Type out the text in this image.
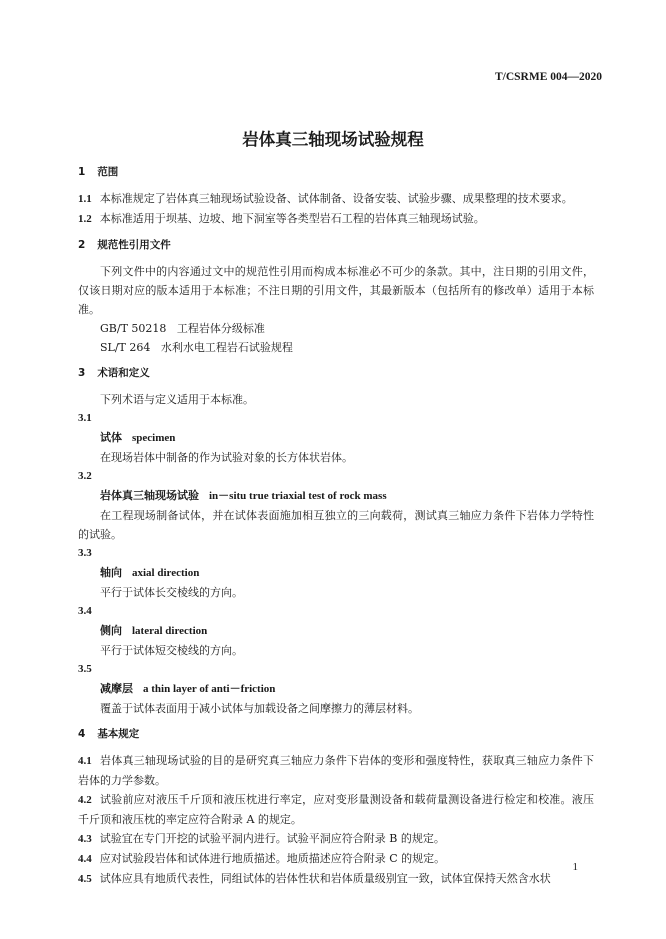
T/CSRME 004—2020
岩体真三轴现场试验规程
1 范围
1.1 本标准规定了岩体真三轴现场试验设备、试体制备、设备安装、试验步骤、成果整理的技术要求。
1.2 本标准适用于坝基、边坡、地下洞室等各类型岩石工程的岩体真三轴现场试验。
2 规范性引用文件
下列文件中的内容通过文中的规范性引用而构成本标准必不可少的条款。其中，注日期的引用文件，仅该日期对应的版本适用于本标准；不注日期的引用文件，其最新版本（包括所有的修改单）适用于本标准。
GB/T 50218 工程岩体分级标准
SL/T 264 水利水电工程岩石试验规程
3 术语和定义
下列术语与定义适用于本标准。
3.1
试体 specimen
在现场岩体中制备的作为试验对象的长方体状岩体。
3.2
岩体真三轴现场试验 in－situ true triaxial test of rock mass
在工程现场制备试体，并在试体表面施加相互独立的三向载荷，测试真三轴应力条件下岩体力学特性的试验。
3.3
轴向 axial direction
平行于试体长交棱线的方向。
3.4
侧向 lateral direction
平行于试体短交棱线的方向。
3.5
减摩层 a thin layer of anti－friction
覆盖于试体表面用于减小试体与加载设备之间摩擦力的薄层材料。
4 基本规定
4.1 岩体真三轴现场试验的目的是研究真三轴应力条件下岩体的变形和强度特性，获取真三轴应力条件下岩体的力学参数。
4.2 试验前应对液压千斤顶和液压枕进行率定，应对变形量测设备和载荷量测设备进行检定和校准。液压千斤顶和液压枕的率定应符合附录 A 的规定。
4.3 试验宜在专门开挖的试验平洞内进行。试验平洞应符合附录 B 的规定。
4.4 应对试验段岩体和试体进行地质描述。地质描述应符合附录 C 的规定。
4.5 试体应具有地质代表性，同组试体的岩体性状和岩体质量级别宜一致，试体宜保持天然含水状
1
